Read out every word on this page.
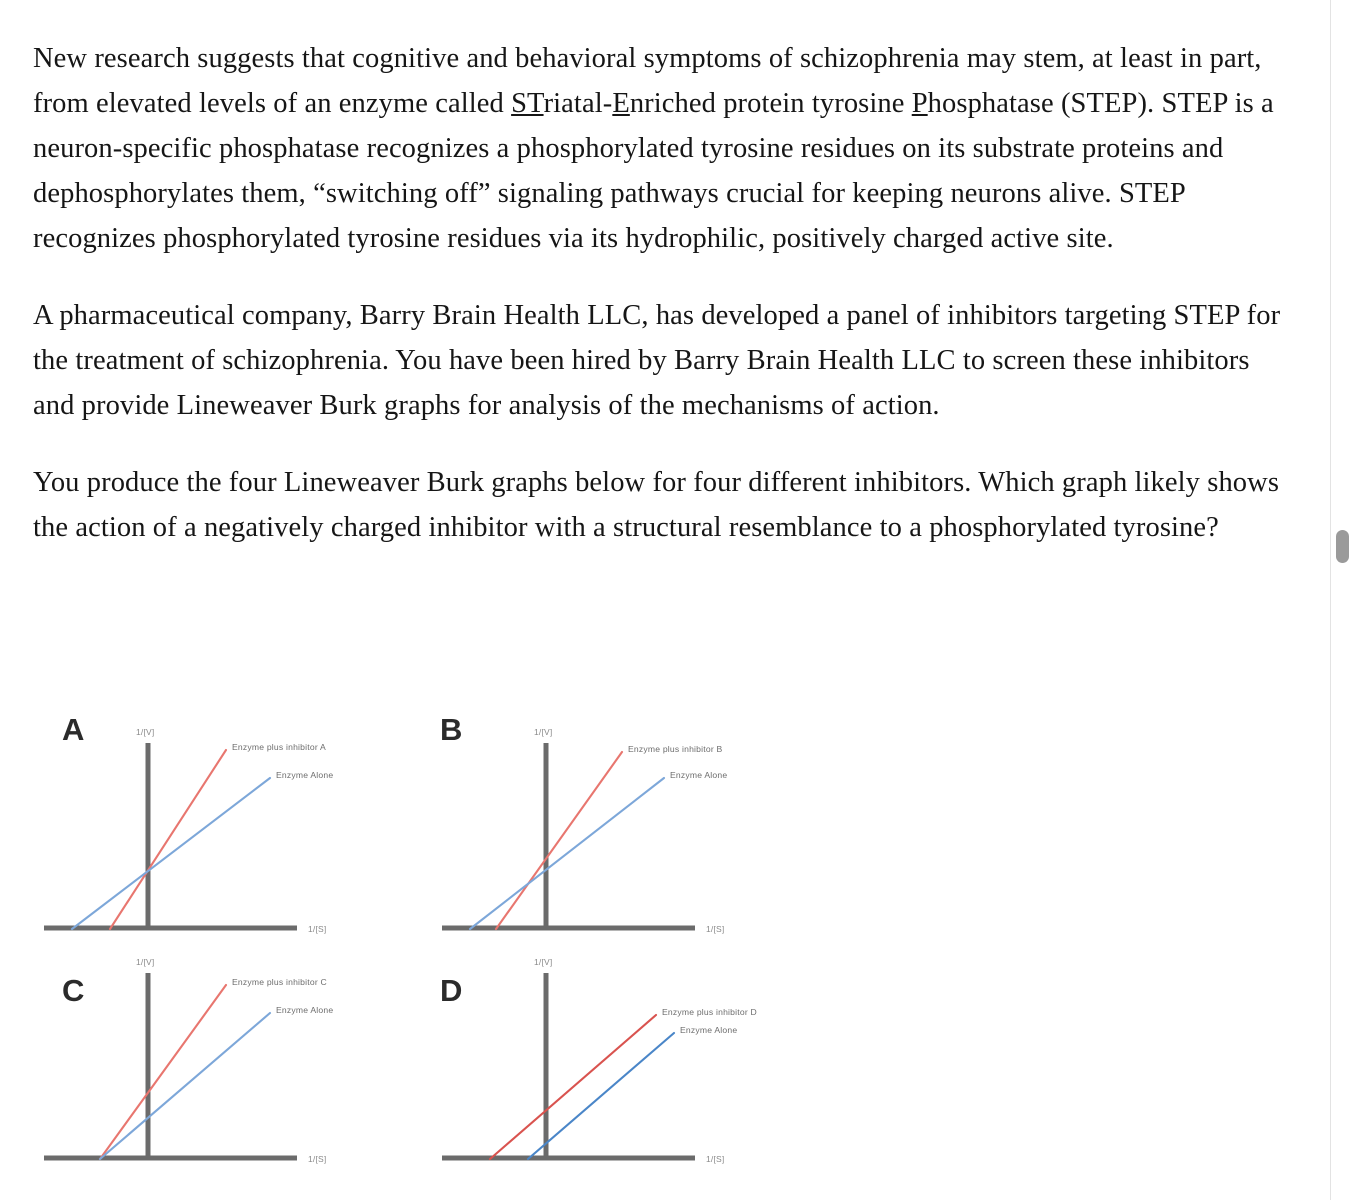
New research suggests that cognitive and behavioral symptoms of schizophrenia may stem, at least in part, from elevated levels of an enzyme called STriatal-Enriched protein tyrosine Phosphatase (STEP). STEP is a neuron-specific phosphatase recognizes a phosphorylated tyrosine residues on its substrate proteins and dephosphorylates them, “switching off” signaling pathways crucial for keeping neurons alive. STEP recognizes phosphorylated tyrosine residues via its hydrophilic, positively charged active site.

A pharmaceutical company, Barry Brain Health LLC, has developed a panel of inhibitors targeting STEP for the treatment of schizophrenia. You have been hired by Barry Brain Health LLC to screen these inhibitors and provide Lineweaver Burk graphs for analysis of the mechanisms of action.

You produce the four Lineweaver Burk graphs below for four different inhibitors. Which graph likely shows the action of a negatively charged inhibitor with a structural resemblance to a phosphorylated tyrosine?

A	1/[V]
1/[S]
Enzyme plus inhibitor A
Enzyme Alone
B	1/[V]
1/[S]
Enzyme plus inhibitor B
Enzyme Alone
C
1/[V]
1/[S]
Enzyme plus inhibitor C
Enzyme Alone
D
1/[V]
1/[S]
Enzyme plus inhibitor D
Enzyme Alone
